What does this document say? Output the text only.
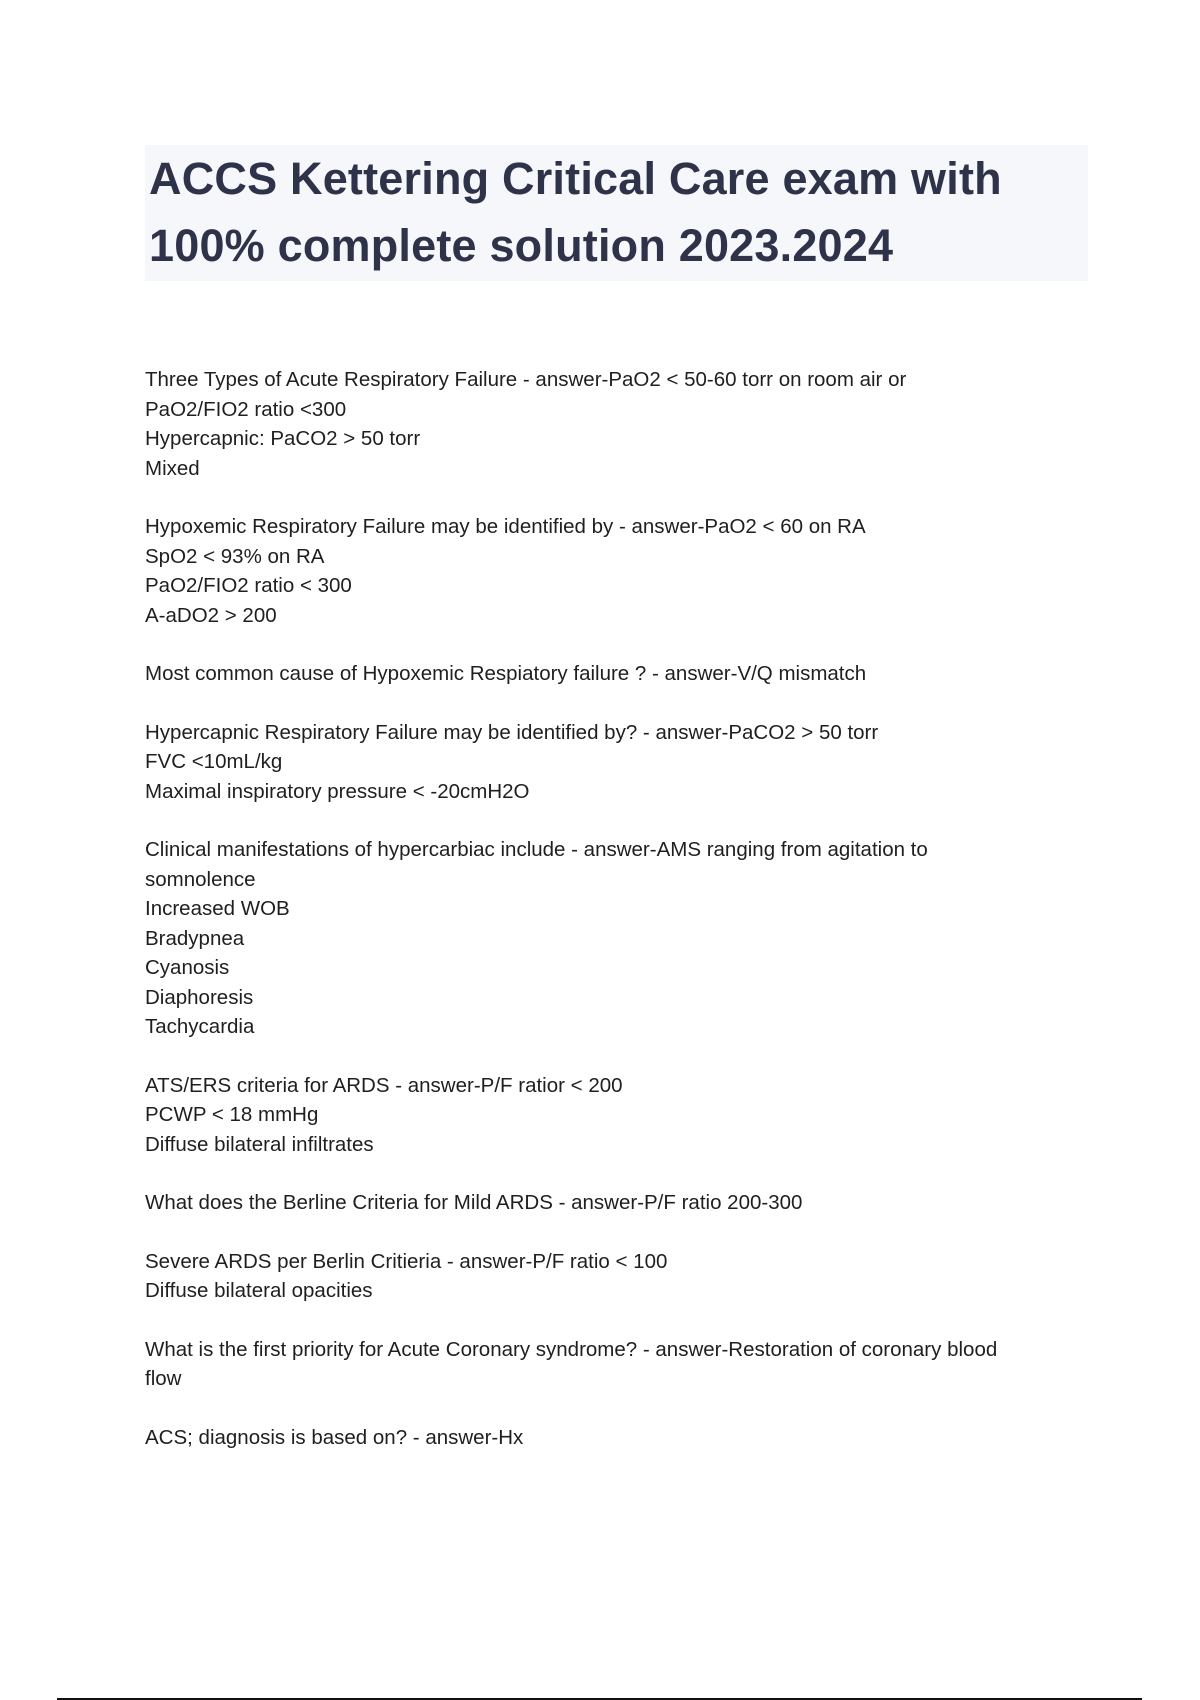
ACCS Kettering Critical Care exam with
100% complete solution 2023.2024
Three Types of Acute Respiratory Failure - answer-PaO2 < 50-60 torr on room air or
PaO2/FIO2 ratio <300
Hypercapnic: PaCO2 > 50 torr
Mixed
Hypoxemic Respiratory Failure may be identified by - answer-PaO2 < 60 on RA
SpO2 < 93% on RA
PaO2/FIO2 ratio < 300
A-aDO2 > 200
Most common cause of Hypoxemic Respiatory failure ? - answer-V/Q mismatch
Hypercapnic Respiratory Failure may be identified by? - answer-PaCO2 > 50 torr
FVC <10mL/kg
Maximal inspiratory pressure < -20cmH2O
Clinical manifestations of hypercarbiac include - answer-AMS ranging from agitation to
somnolence
Increased WOB
Bradypnea
Cyanosis
Diaphoresis
Tachycardia
ATS/ERS criteria for ARDS - answer-P/F ratior < 200
PCWP < 18 mmHg
Diffuse bilateral infiltrates
What does the Berline Criteria for Mild ARDS - answer-P/F ratio 200-300
Severe ARDS per Berlin Critieria - answer-P/F ratio < 100
Diffuse bilateral opacities
What is the first priority for Acute Coronary syndrome? - answer-Restoration of coronary blood
flow
ACS; diagnosis is based on? - answer-Hx
